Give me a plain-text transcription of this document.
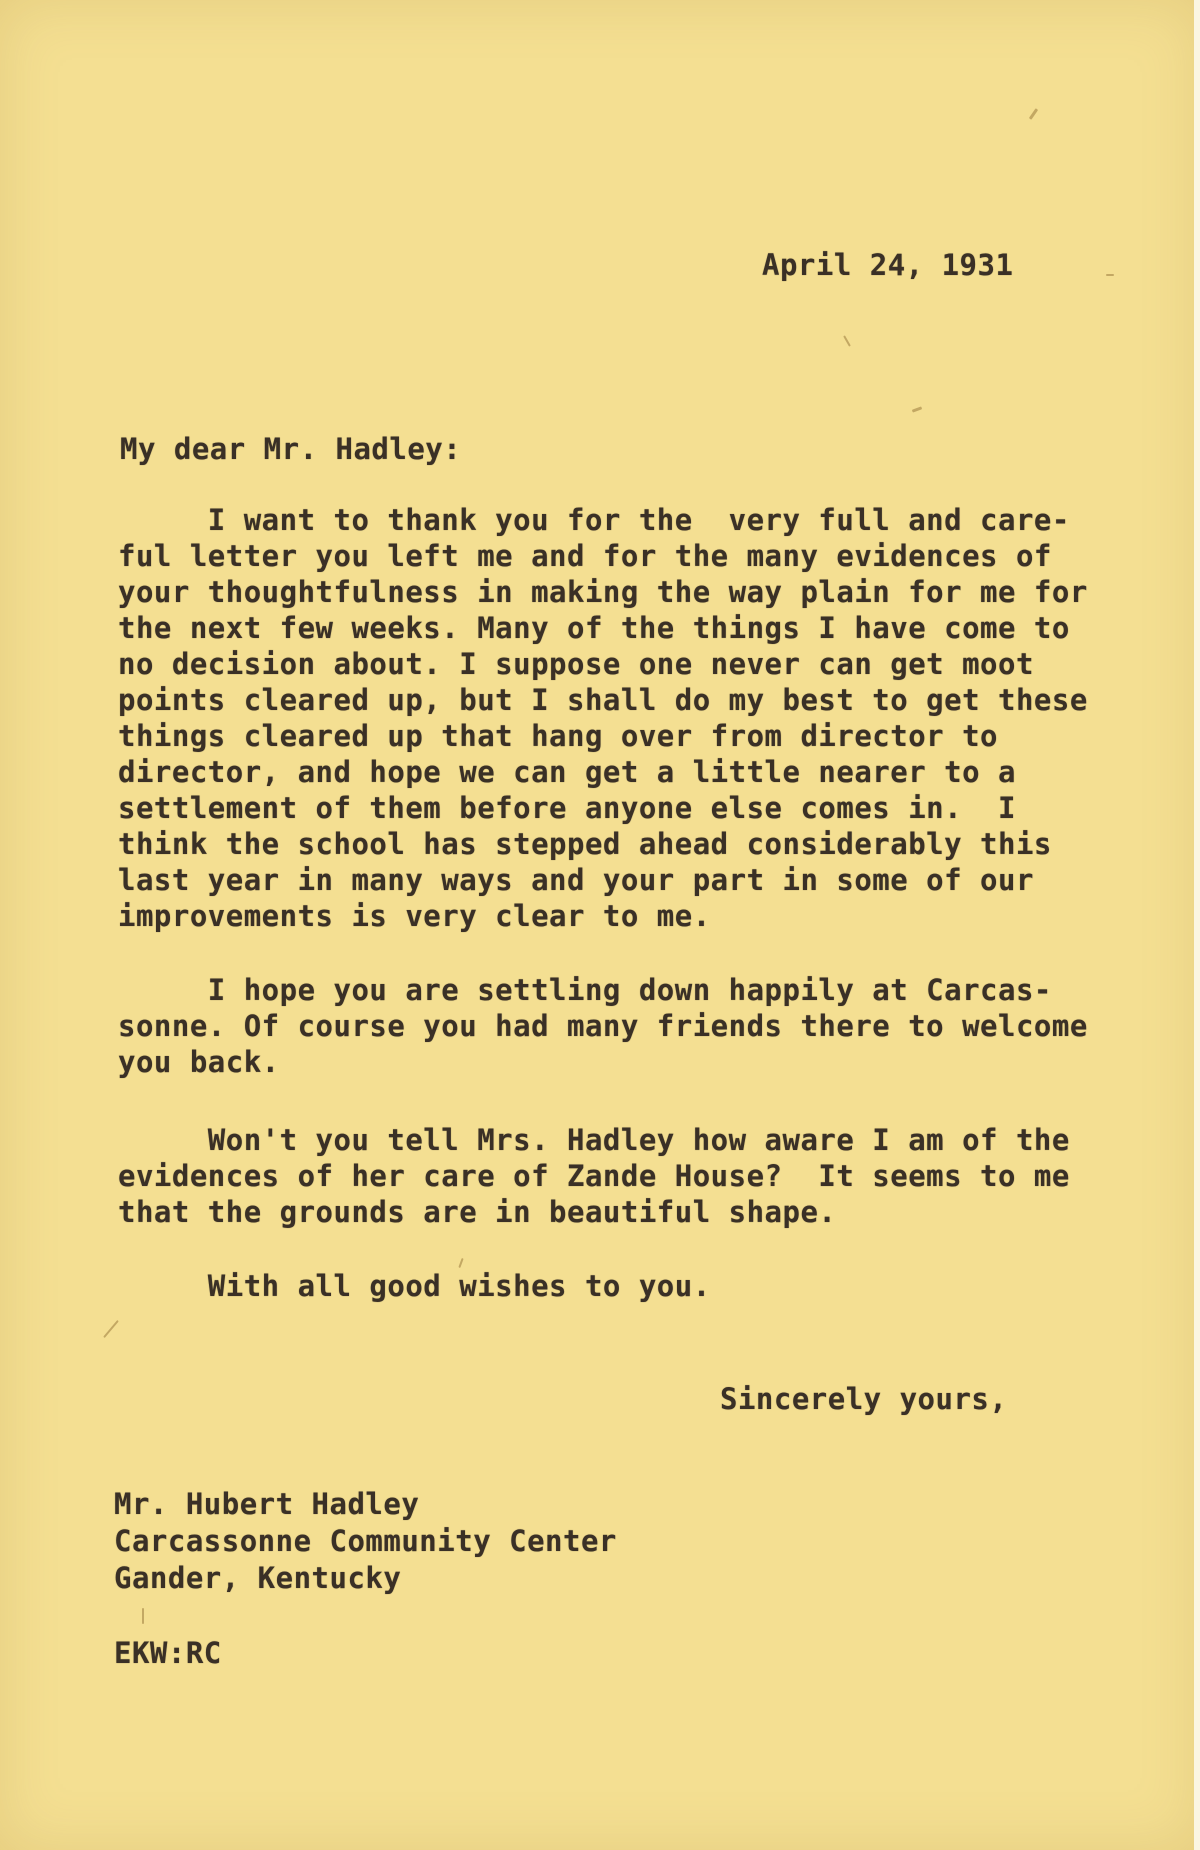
April 24, 1931

My dear Mr. Hadley:

I want to thank you for the  very full and care-
ful letter you left me and for the many evidences of
your thoughtfulness in making the way plain for me for
the next few weeks. Many of the things I have come to
no decision about. I suppose one never can get moot
points cleared up, but I shall do my best to get these
things cleared up that hang over from director to
director, and hope we can get a little nearer to a
settlement of them before anyone else comes in.  I
think the school has stepped ahead considerably this
last year in many ways and your part in some of our
improvements is very clear to me.
I hope you are settling down happily at Carcas-
sonne. Of course you had many friends there to welcome
you back.
Won't you tell Mrs. Hadley how aware I am of the
evidences of her care of Zande House?  It seems to me
that the grounds are in beautiful shape.
With all good wishes to you.

Sincerely yours,

Mr. Hubert Hadley
Carcassonne Community Center
Gander, Kentucky

EKW:RC
